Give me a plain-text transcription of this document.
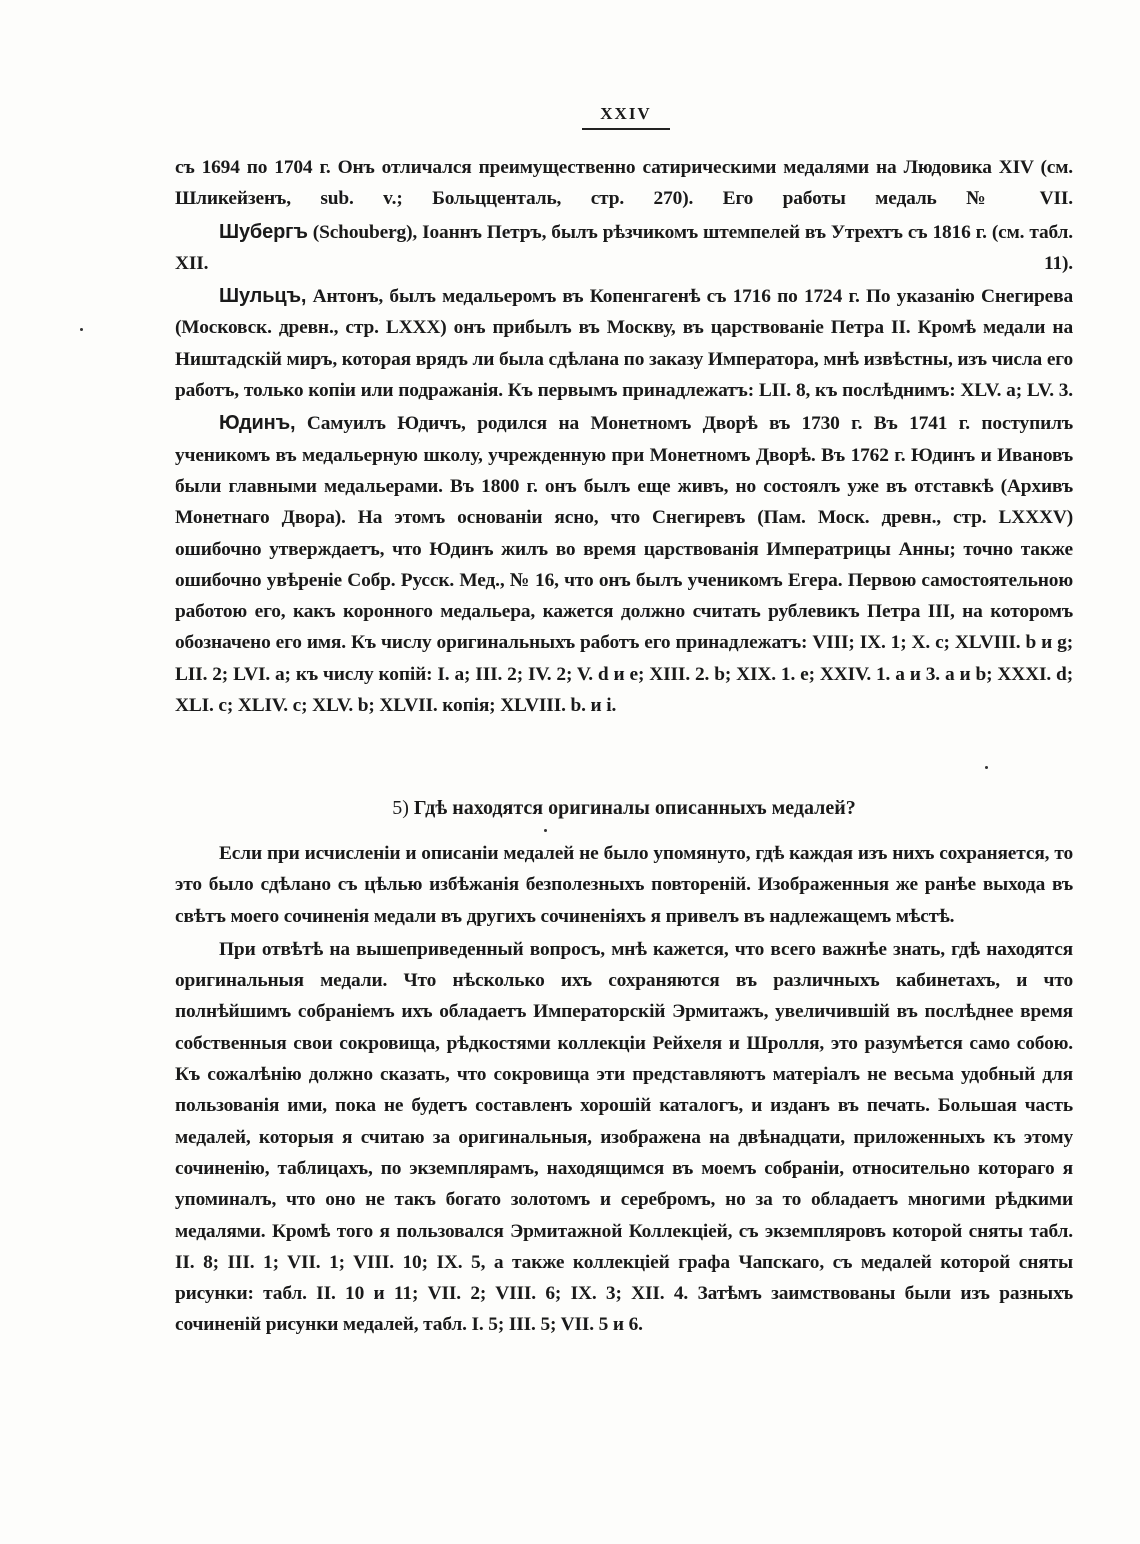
XXIV

съ 1694 по 1704 г. Онъ отличался преимущественно сатирическими медалями на Людовика XIV (см. Шликейзенъ, sub. v.; Больцценталь, стр. 270). Его работы медаль № VII.

Шубергъ (Schouberg), Іоаннъ Петръ, былъ рѣзчикомъ штемпелей въ Утрехтъ съ 1816 г. (см. табл. XII. 11).

Шульцъ, Антонъ, былъ медальеромъ въ Копенгагенѣ съ 1716 по 1724 г. По указанію Снегирева (Московск. древн., стр. LXXX) онъ прибылъ въ Москву, въ царствованіе Петра II. Кромѣ медали на Ништадскій миръ, которая врядъ ли была сдѣлана по заказу Императора, мнѣ извѣстны, изъ числа его работъ, только копіи или подражанія. Къ первымъ принадлежатъ: LII. 8, къ послѣднимъ: XLV. a; LV. 3.

Юдинъ, Самуилъ Юдичъ, родился на Монетномъ Дворѣ въ 1730 г. Въ 1741 г. поступилъ ученикомъ въ медальерную школу, учрежденную при Монетномъ Дворѣ. Въ 1762 г. Юдинъ и Ивановъ были главными медальерами. Въ 1800 г. онъ былъ еще живъ, но состоялъ уже въ отставкѣ (Архивъ Монетнаго Двора). На этомъ основаніи ясно, что Снегиревъ (Пам. Моск. древн., стр. LXXXV) ошибочно утверждаетъ, что Юдинъ жилъ во время царствованія Императрицы Анны; точно также ошибочно увѣреніе Собр. Русск. Мед., № 16, что онъ былъ ученикомъ Егера. Первою самостоятельною работою его, какъ коронного медальера, кажется должно считать рублевикъ Петра III, на которомъ обозначено его имя. Къ числу оригинальныхъ работъ его принадлежатъ: VIII; IX. 1; X. c; XLVIII. b и g; LII. 2; LVI. a; къ числу копій: I. a; III. 2; IV. 2; V. d и e; XIII. 2. b; XIX. 1. e; XXIV. 1. a и 3. a и b; XXXI. d; XLI. c; XLIV. c; XLV. b; XLVII. копія; XLVIII. b. и i.

5) Гдѣ находятся оригиналы описанныхъ медалей?

Если при исчисленіи и описаніи медалей не было упомянуто, гдѣ каждая изъ нихъ сохраняется, то это было сдѣлано съ цѣлью избѣжанія безполезныхъ повтореній. Изображенныя же ранѣе выхода въ свѣтъ моего сочиненія медали въ другихъ сочиненіяхъ я привелъ въ надлежащемъ мѣстѣ.

При отвѣтѣ на вышеприведенный вопросъ, мнѣ кажется, что всего важнѣе знать, гдѣ находятся оригинальныя медали. Что нѣсколько ихъ сохраняются въ различныхъ кабинетахъ, и что полнѣйшимъ собраніемъ ихъ обладаетъ Императорскій Эрмитажъ, увеличившій въ послѣднее время собственныя свои сокровища, рѣдкостями коллекціи Рейхеля и Шролля, это разумѣется само собою. Къ сожалѣнію должно сказать, что сокровища эти представляютъ матеріалъ не весьма удобный для пользованія ими, пока не будетъ составленъ хорошій каталогъ, и изданъ въ печать. Большая часть медалей, которыя я считаю за оригинальныя, изображена на двѣнадцати, приложенныхъ къ этому сочиненію, таблицахъ, по экземплярамъ, находящимся въ моемъ собраніи, относительно котораго я упоминалъ, что оно не такъ богато золотомъ и серебромъ, но за то обладаетъ многими рѣдкими медалями. Кромѣ того я пользовался Эрмитажной Коллекціей, съ экземпляровъ которой сняты табл. II. 8; III. 1; VII. 1; VIII. 10; IX. 5, а также коллекціей графа Чапскаго, съ медалей которой сняты рисунки: табл. II. 10 и 11; VII. 2; VIII. 6; IX. 3; XII. 4. Затѣмъ заимствованы были изъ разныхъ сочиненій рисунки медалей, табл. I. 5; III. 5; VII. 5 и 6.
